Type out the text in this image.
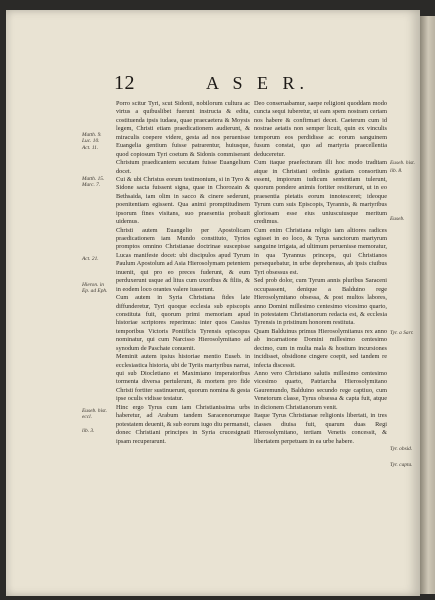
12	A S E R.
Matth. 9. Luc. 10. Act. 11.
Matth. 15. Marc. 7.
Act. 21.
Hieron. in Ep. ad Eph.
Euseb. hist. eccl.
lib. 3.

Porro scitur Tyri, scut Sidonii, nobilorum cultura ac virtus a quibuslibet fuerunt instructa & edita, costituenda ipsis iudaea, quae praecaetera & Moysis legem, Christi etiam praedicationem audierunt, & miraculis coepere videre, gesta ad nos peruenisse Euangelia gentium fuisse patrarentur, huiusque, quod copiosum Tyri coetum & Sidonis commiserant Christum praedicantem secutam fuisse Euangelium docet.

Cui & ubi Christus eorum testimonium, si in Tyro & Sidone sacta fuissent signa, quae in Chorozain & Bethsaida, iam olim in sacco & cinere sederunt, poenitentiam egissent. Qua animi promptitudinem ipsorum fines visitans, suo praesentia probauit uidemus.

Christi autem Euangelio per Apostolicam praedicationem iam Mundo constituto, Tyrios promptos omnino Christianae doctrinae suscepisse Lucas manifeste docet: ubi discipulos apud Tyrum Paulum Apostolum ad Asia Hierosolymam petentem inuenit, qui pro eo preces fuderunt, & eum perduxerunt usque ad litus cum uxoribus & filiis, & in eodem loco orantes valere iusserunt.

Cum autem in Syria Christiana fides late diffunderetur, Tyri quoque ecclesia sub episcopis constituta fuit, quorum primi memoriam apud historiae scriptores reperimus: inter quos Cassius temporibus Victoris Pontificis Tyrensis episcopus nominatur, qui cum Narcisso Hierosolymitano ad synodum de Paschate conuenit.

Meminit autem ipsius historiae mentio Euseb. in ecclesiastica historia, ubi de Tyriis martyribus narrat, qui sub Diocletiano et Maximiano imperatoribus tormenta diversa pertulerunt, & mortem pro fide Christi fortiter sustinuerunt, quorum nomina & gesta ipse oculis vidisse testatur.

Hinc ergo Tyrus cum iam Christianissima urbs haberetur, ad Arabum tandem Saracenorumque potestatem deuenit, & sub eorum iugo diu permansit, donec Christiani principes in Syria crucesignati ipsam recuperarunt.

Deo conseruabamur, saepe religioni quoddam modo cuncta sequi iuberetur, ut eam spem nostram certam nos habere & confirmari decet. Caeterum cum id nostrae aetatis non semper licuit, quin ex vinculis temporum eos perdidisse ac eorum sanguinem fusum constat, quo ad martyria praecellentia deduceretur.

Cum itaque praefecturam illi hoc modo traditam atque in Christiani ordinis gratiam consortium essent, impiorum iudicum sententiam tulerunt, quorum pondere animis fortiter restiterunt, ut in eo praesentia pietatis eorum innotesceret; ideoque Tyrum cum suis Episcopis, Tyrannis, & martyribus gloriosam esse eius uniuscuiusque meritum credimus.

Cum enim Christiana religio iam altiores radices egisset in eo loco, & Tyrus sanctorum martyrum sanguine irrigata, ad ultimum peruenisse memoratur, in qua Tyrannus princeps, qui Christianos persequebatur, in urbe deprehensus, ab ipsis ciuibus Tyri obsessus est.

Sed prob dolor, cum Tyrum annis pluribus Saraceni occupassent, denique a Balduino rege Hierosolymitano obsessa, & post multos labores, anno Domini millesimo centesimo vicesimo quarto, in potestatem Christianorum redacta est, & ecclesia Tyrensis in pristinum honorem restituta.

Quam Balduinus primus Hierosolymitanus rex anno ab incarnatione Domini millesimo centesimo decimo, cum in multa mala & hostium incursiones incidisset, obsidione cingere coepit, sed tandem re infecta discessit.

Anno vero Christiano salutis millesimo centesimo vicesimo quarto, Patriarcha Hierosolymitano Gauremundo, Balduino secundo rege captiuo, cum Venetorum classe, Tyrus obsessa & capta fuit, atque in dicionem Christianorum venit.

Itaque Tyrus Christianae religionis libertati, in tres classes diuisa fuit, quarum duas Regi Hierosolymitano, tertiam Venetis concessit, & libertatem perpetuam in ea urbe habere.

Euseb. hist.
lib. 8.
Euseb.
Tyr. a Sarr.
Tyr. obsid.
Tyr. capta.
